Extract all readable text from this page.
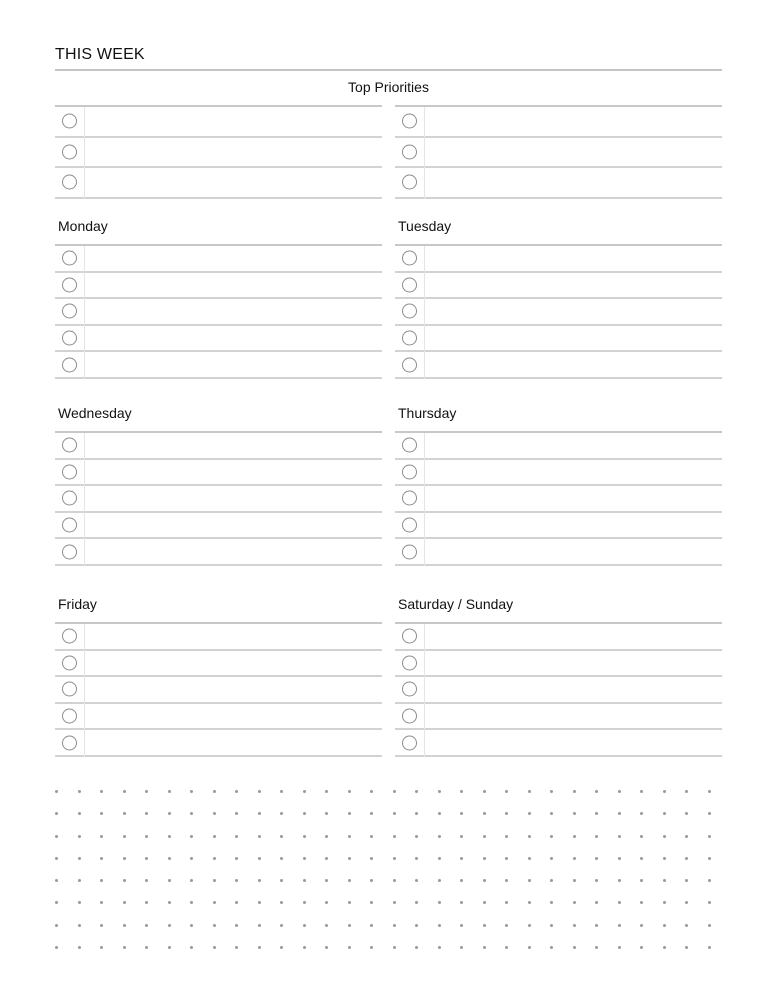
THIS WEEK
Top Priorities
Monday	Tuesday
Wednesday	Thursday
Friday	Saturday / Sunday
